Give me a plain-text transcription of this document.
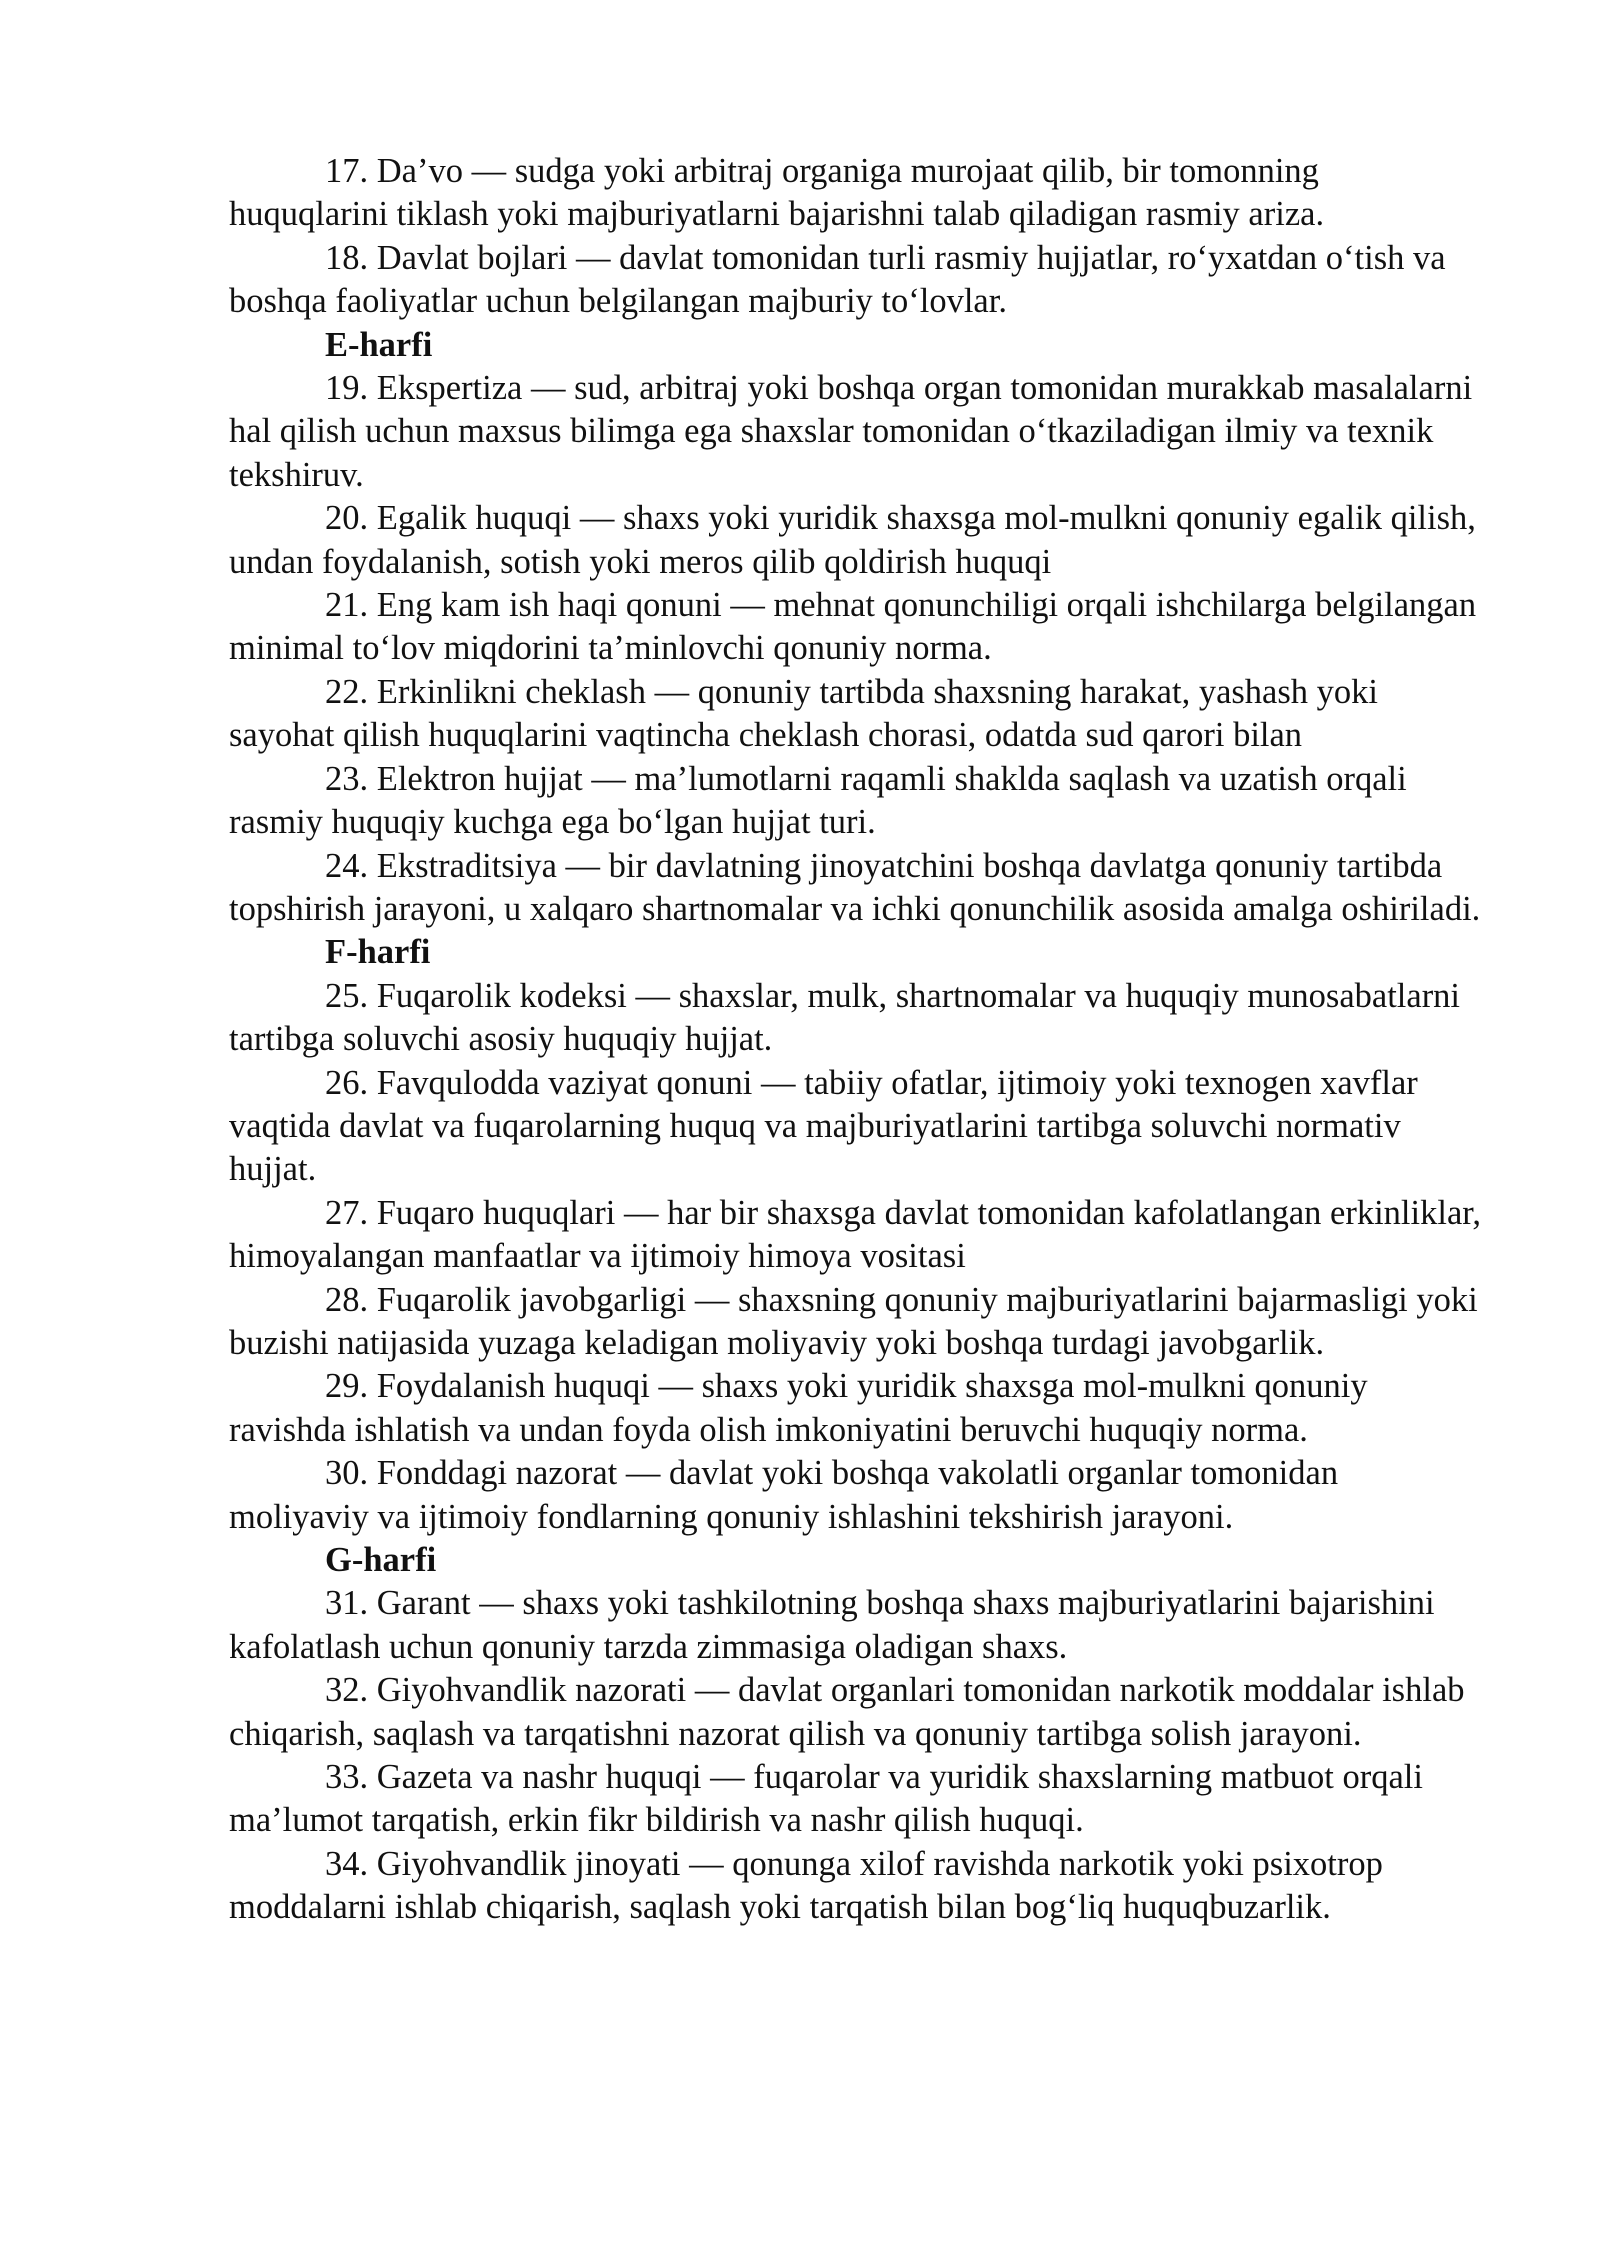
17. Da’vo — sudga yoki arbitraj organiga murojaat qilib, bir tomonning huquqlarini tiklash yoki majburiyatlarni bajarishni talab qiladigan rasmiy ariza.

18. Davlat bojlari — davlat tomonidan turli rasmiy hujjatlar, ro‘yxatdan o‘tish va boshqa faoliyatlar uchun belgilangan majburiy to‘lovlar.

E-harfi

19. Ekspertiza — sud, arbitraj yoki boshqa organ tomonidan murakkab masalalarni hal qilish uchun maxsus bilimga ega shaxslar tomonidan o‘tkaziladigan ilmiy va texnik tekshiruv.

20. Egalik huquqi — shaxs yoki yuridik shaxsga mol-mulkni qonuniy egalik qilish, undan foydalanish, sotish yoki meros qilib qoldirish huquqi

21. Eng kam ish haqi qonuni — mehnat qonunchiligi orqali ishchilarga belgilangan minimal to‘lov miqdorini ta’minlovchi qonuniy norma.

22. Erkinlikni cheklash — qonuniy tartibda shaxsning harakat, yashash yoki sayohat qilish huquqlarini vaqtincha cheklash chorasi, odatda sud qarori bilan

23. Elektron hujjat — ma’lumotlarni raqamli shaklda saqlash va uzatish orqali rasmiy huquqiy kuchga ega bo‘lgan hujjat turi.

24. Ekstraditsiya — bir davlatning jinoyatchini boshqa davlatga qonuniy tartibda topshirish jarayoni, u xalqaro shartnomalar va ichki qonunchilik asosida amalga oshiriladi.

F-harfi

25. Fuqarolik kodeksi — shaxslar, mulk, shartnomalar va huquqiy munosabatlarni tartibga soluvchi asosiy huquqiy hujjat.

26. Favqulodda vaziyat qonuni — tabiiy ofatlar, ijtimoiy yoki texnogen xavflar vaqtida davlat va fuqarolarning huquq va majburiyatlarini tartibga soluvchi normativ hujjat.

27. Fuqaro huquqlari — har bir shaxsga davlat tomonidan kafolatlangan erkinliklar, himoyalangan manfaatlar va ijtimoiy himoya vositasi

28. Fuqarolik javobgarligi — shaxsning qonuniy majburiyatlarini bajarmasligi yoki buzishi natijasida yuzaga keladigan moliyaviy yoki boshqa turdagi javobgarlik.

29. Foydalanish huquqi — shaxs yoki yuridik shaxsga mol-mulkni qonuniy ravishda ishlatish va undan foyda olish imkoniyatini beruvchi huquqiy norma.

30. Fonddagi nazorat — davlat yoki boshqa vakolatli organlar tomonidan moliyaviy va ijtimoiy fondlarning qonuniy ishlashini tekshirish jarayoni.

G-harfi

31. Garant — shaxs yoki tashkilotning boshqa shaxs majburiyatlarini bajarishini kafolatlash uchun qonuniy tarzda zimmasiga oladigan shaxs.

32. Giyohvandlik nazorati — davlat organlari tomonidan narkotik moddalar ishlab chiqarish, saqlash va tarqatishni nazorat qilish va qonuniy tartibga solish jarayoni.

33. Gazeta va nashr huquqi — fuqarolar va yuridik shaxslarning matbuot orqali ma’lumot tarqatish, erkin fikr bildirish va nashr qilish huquqi.

34. Giyohvandlik jinoyati — qonunga xilof ravishda narkotik yoki psixotrop moddalarni ishlab chiqarish, saqlash yoki tarqatish bilan bog‘liq huquqbuzarlik.
